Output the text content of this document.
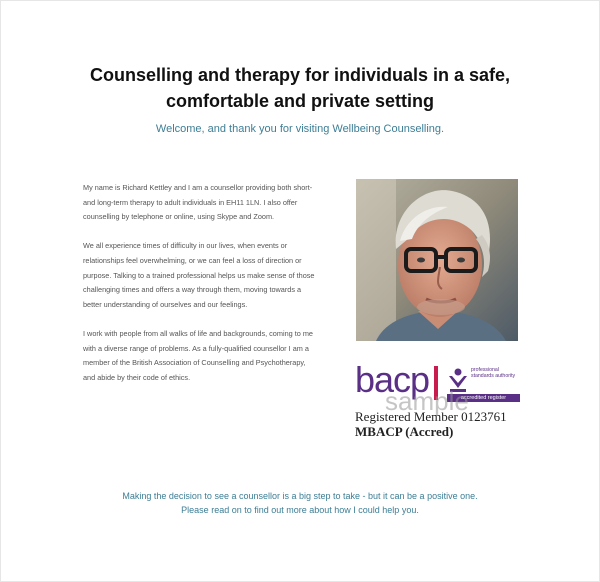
Counselling and therapy for individuals in a safe, comfortable and private setting
Welcome, and thank you for visiting Wellbeing Counselling.

My name is Richard Kettley and I am a counsellor providing both short- and long-term therapy to adult individuals in EH11 1LN. I also offer counselling by telephone or online, using Skype and Zoom.

We all experience times of difficulty in our lives, when events or relationships feel overwhelming, or we can feel a loss of direction or purpose. Talking to a trained professional helps us make sense of those challenging times and offers a way through them, moving towards a better understanding of ourselves and our feelings.

I work with people from all walks of life and backgrounds, coming to me with a diverse range of problems. As a fully-qualified counsellor I am a member of the British Association of Counselling and Psychotherapy, and abide by their code of ethics.	bacp	professional standards authority
accredited register
sample
Registered Member 0123761
MBACP (Accred)
Making the decision to see a counsellor is a big step to take - but it can be a positive one.
Please read on to find out more about how I could help you.
